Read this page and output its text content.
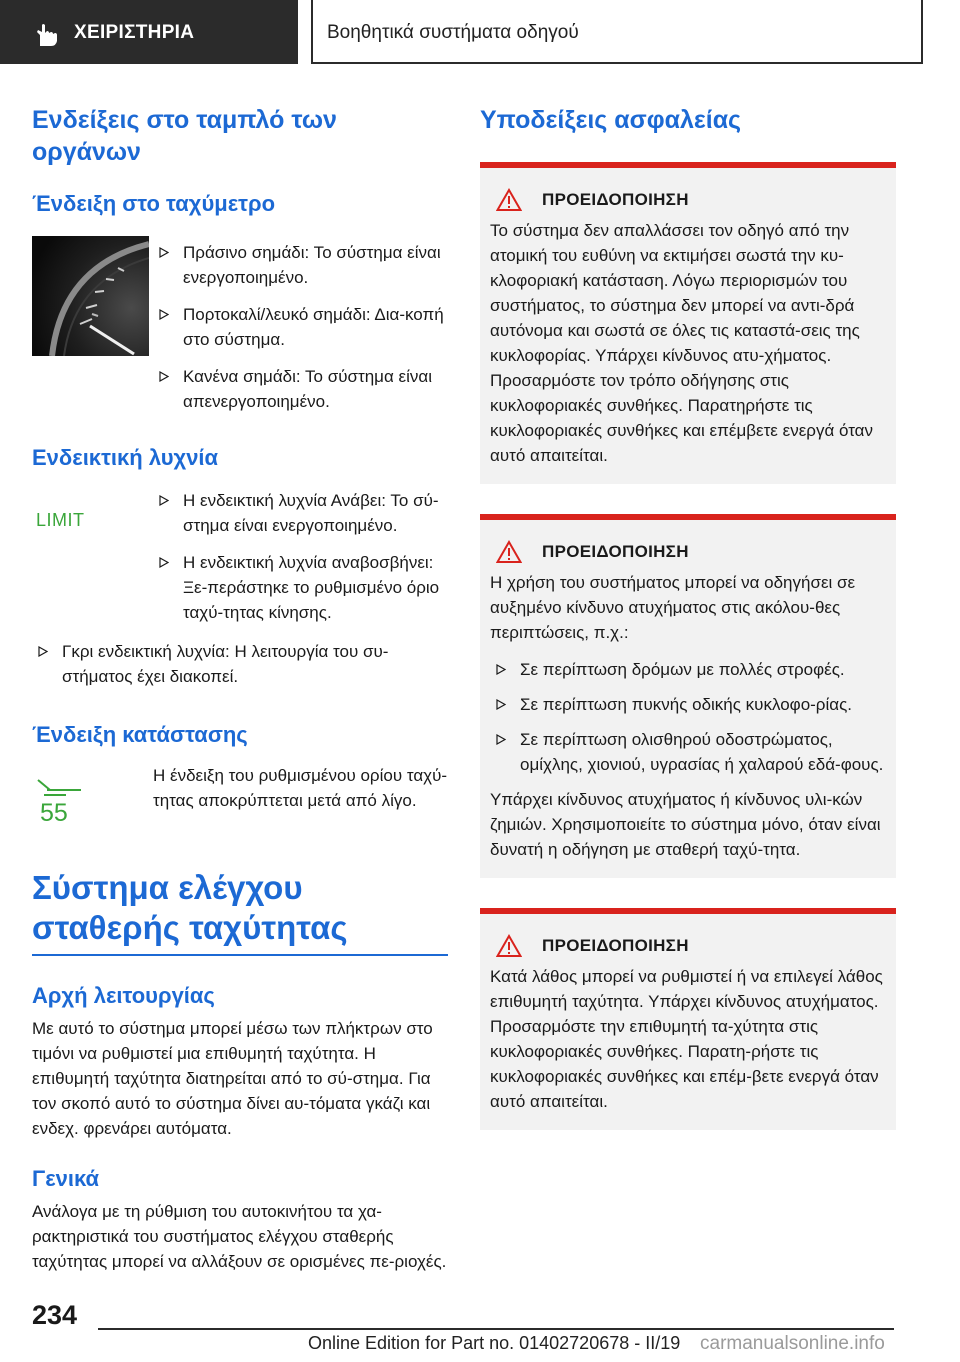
ΧΕΙΡΙΣΤΗΡΙΑ	Βοηθητικά συστήματα οδηγού
Ενδείξεις στο ταμπλό των οργάνων
Ένδειξη στο ταχύμετρο
Πράσινο σημάδι: Το σύστημα είναι ενεργοποιημένο.
Πορτοκαλί/λευκό σημάδι: Δια-κοπή στο σύστημα.
Κανένα σημάδι: Το σύστημα είναι απενεργοποιημένο.
Ενδεικτική λυχνία
LIMIT
Η ενδεικτική λυχνία Ανάβει: Το σύ-στημα είναι ενεργοποιημένο.
Η ενδεικτική λυχνία αναβοσβήνει: Ξε-περάστηκε το ρυθμισμένο όριο ταχύ-τητας κίνησης.
Γκρι ενδεικτική λυχνία: Η λειτουργία του συ-στήματος έχει διακοπεί.
Ένδειξη κατάστασης
55

Η ένδειξη του ρυθμισμένου ορίου ταχύ-τητας αποκρύπτεται μετά από λίγο.

Σύστημα ελέγχου σταθερής ταχύτητας
Αρχή λειτουργίας

Με αυτό το σύστημα μπορεί μέσω των πλήκτρων στο τιμόνι να ρυθμιστεί μια επιθυμητή ταχύτητα. Η επιθυμητή ταχύτητα διατηρείται από το σύ-στημα. Για τον σκοπό αυτό το σύστημα δίνει αυ-τόματα γκάζι και ενδεχ. φρενάρει αυτόματα.

Γενικά

Ανάλογα με τη ρύθμιση του αυτοκινήτου τα χα-ρακτηριστικά του συστήματος ελέγχου σταθερής ταχύτητας μπορεί να αλλάξουν σε ορισμένες πε-ριοχές.

Υποδείξεις ασφαλείας
ΠΡΟΕΙΔΟΠΟΙΗΣΗ

Το σύστημα δεν απαλλάσσει τον οδηγό από την ατομική του ευθύνη να εκτιμήσει σωστά την κυ-κλοφοριακή κατάσταση. Λόγω περιορισμών του συστήματος, το σύστημα δεν μπορεί να αντι-δρά αυτόνομα και σωστά σε όλες τις καταστά-σεις της κυκλοφορίας. Υπάρχει κίνδυνος ατυ-χήματος. Προσαρμόστε τον τρόπο οδήγησης στις κυκλοφοριακές συνθήκες. Παρατηρήστε τις κυκλοφοριακές συνθήκες και επέμβετε ενεργά όταν αυτό απαιτείται.

ΠΡΟΕΙΔΟΠΟΙΗΣΗ

Η χρήση του συστήματος μπορεί να οδηγήσει σε αυξημένο κίνδυνο ατυχήματος στις ακόλου-θες περιπτώσεις, π.χ.:

Σε περίπτωση δρόμων με πολλές στροφές.
Σε περίπτωση πυκνής οδικής κυκλοφο-ρίας.
Σε περίπτωση ολισθηρού οδοστρώματος, ομίχλης, χιονιού, υγρασίας ή χαλαρού εδά-φους.

Υπάρχει κίνδυνος ατυχήματος ή κίνδυνος υλι-κών ζημιών. Χρησιμοποιείτε το σύστημα μόνο, όταν είναι δυνατή η οδήγηση με σταθερή ταχύ-τητα.

ΠΡΟΕΙΔΟΠΟΙΗΣΗ

Κατά λάθος μπορεί να ρυθμιστεί ή να επιλεγεί λάθος επιθυμητή ταχύτητα. Υπάρχει κίνδυνος ατυχήματος. Προσαρμόστε την επιθυμητή τα-χύτητα στις κυκλοφοριακές συνθήκες. Παρατη-ρήστε τις κυκλοφοριακές συνθήκες και επέμ-βετε ενεργά όταν αυτό απαιτείται.

234
Online Edition for Part no. 01402720678 - II/19 carmanualsonline.info
